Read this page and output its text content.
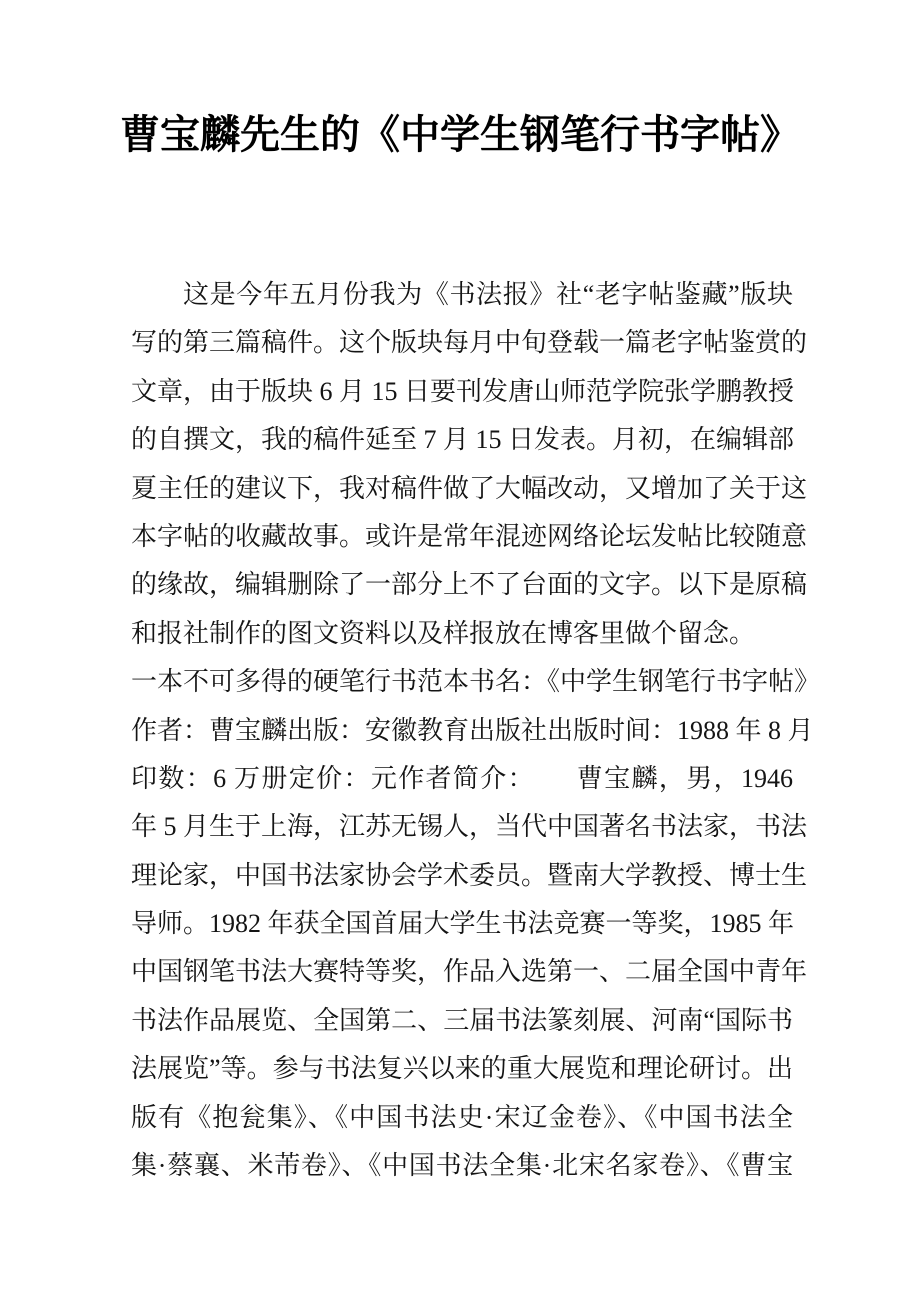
曹宝麟先生的《中学生钢笔行书字帖》

这是今年五月份我为《书法报》社“老字帖鉴藏”版块

写的第三篇稿件。这个版块每月中旬登载一篇老字帖鉴赏的

文章，由于版块 6 月 15 日要刊发唐山师范学院张学鹏教授

的自撰文，我的稿件延至 7 月 15 日发表。月初，在编辑部

夏主任的建议下，我对稿件做了大幅改动，又增加了关于这

本字帖的收藏故事。或许是常年混迹网络论坛发帖比较随意

的缘故，编辑删除了一部分上不了台面的文字。以下是原稿

和报社制作的图文资料以及样报放在博客里做个留念。

一本不可多得的硬笔行书范本书名：《中学生钢笔行书字帖》

作者：曹宝麟出版：安徽教育出版社出版时间：1988 年 8 月

印数：6 万册定价：元作者简介：　　曹宝麟，男，1946

年 5 月生于上海，江苏无锡人，当代中国著名书法家，书法

理论家，中国书法家协会学术委员。暨南大学教授、博士生

导师。1982 年获全国首届大学生书法竞赛一等奖，1985 年

中国钢笔书法大赛特等奖，作品入选第一、二届全国中青年

书法作品展览、全国第二、三届书法篆刻展、河南“国际书

法展览”等。参与书法复兴以来的重大展览和理论研讨。出

版有《抱瓮集》、《中国书法史·宋辽金卷》、《中国书法全

集·蔡襄、米芾卷》、《中国书法全集·北宋名家卷》、《曹宝
